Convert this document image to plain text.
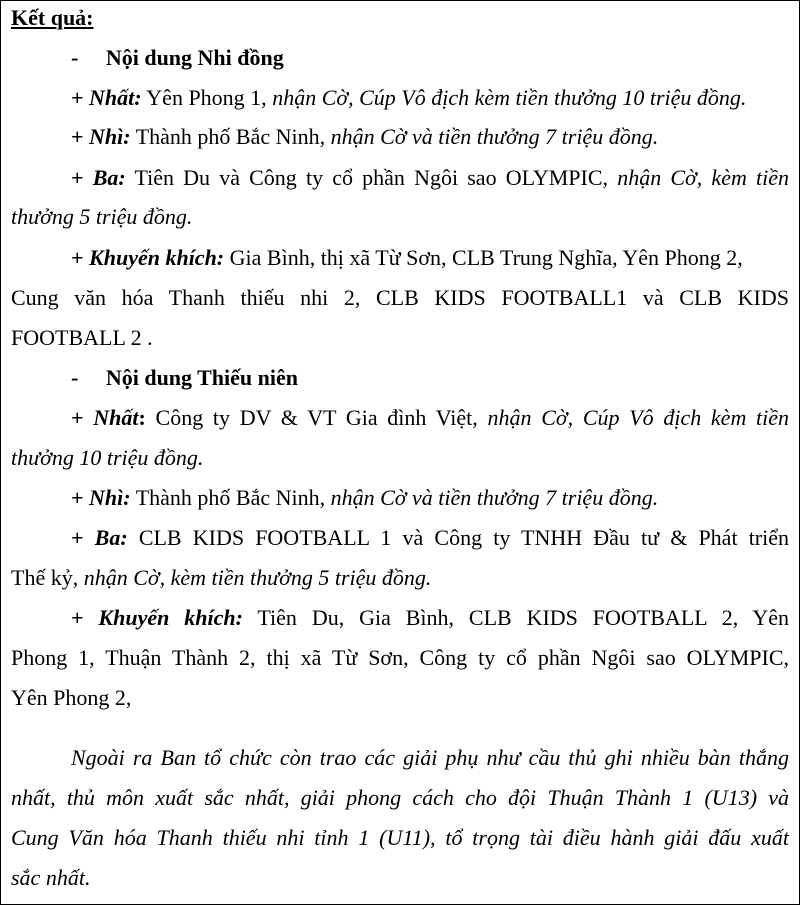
Kết quả:
-     Nội dung Nhi đồng
+ Nhất: Yên Phong 1, nhận Cờ, Cúp Vô địch kèm tiền thưởng 10 triệu đồng.
+ Nhì: Thành phố Bắc Ninh, nhận Cờ và tiền thưởng 7 triệu đồng.
+ Ba: Tiên Du và Công ty cổ phần Ngôi sao OLYMPIC, nhận Cờ, kèm tiền
thưởng 5 triệu đồng.
+ Khuyến khích: Gia Bình, thị xã Từ Sơn, CLB Trung Nghĩa, Yên Phong 2,
Cung văn hóa Thanh thiếu nhi 2, CLB KIDS FOOTBALL1 và CLB KIDS
FOOTBALL 2 .
-     Nội dung Thiếu niên
+ Nhất: Công ty DV & VT Gia đình Việt, nhận Cờ, Cúp Vô địch kèm tiền
thưởng 10 triệu đồng.
+ Nhì: Thành phố Bắc Ninh, nhận Cờ và tiền thưởng 7 triệu đồng.
+ Ba: CLB KIDS FOOTBALL 1 và Công ty TNHH Đầu tư & Phát triển
Thế kỷ, nhận Cờ, kèm tiền thưởng 5 triệu đồng.
+ Khuyến khích: Tiên Du, Gia Bình, CLB KIDS FOOTBALL 2, Yên
Phong 1, Thuận Thành 2, thị xã Từ Sơn, Công ty cổ phần Ngôi sao OLYMPIC,
Yên Phong 2,
Ngoài ra Ban tổ chức còn trao các giải phụ như cầu thủ ghi nhiều bàn thắng
nhất, thủ môn xuất sắc nhất, giải phong cách cho đội Thuận Thành 1 (U13) và
Cung Văn hóa Thanh thiếu nhi tỉnh 1 (U11), tổ trọng tài điều hành giải đấu xuất
sắc nhất.
